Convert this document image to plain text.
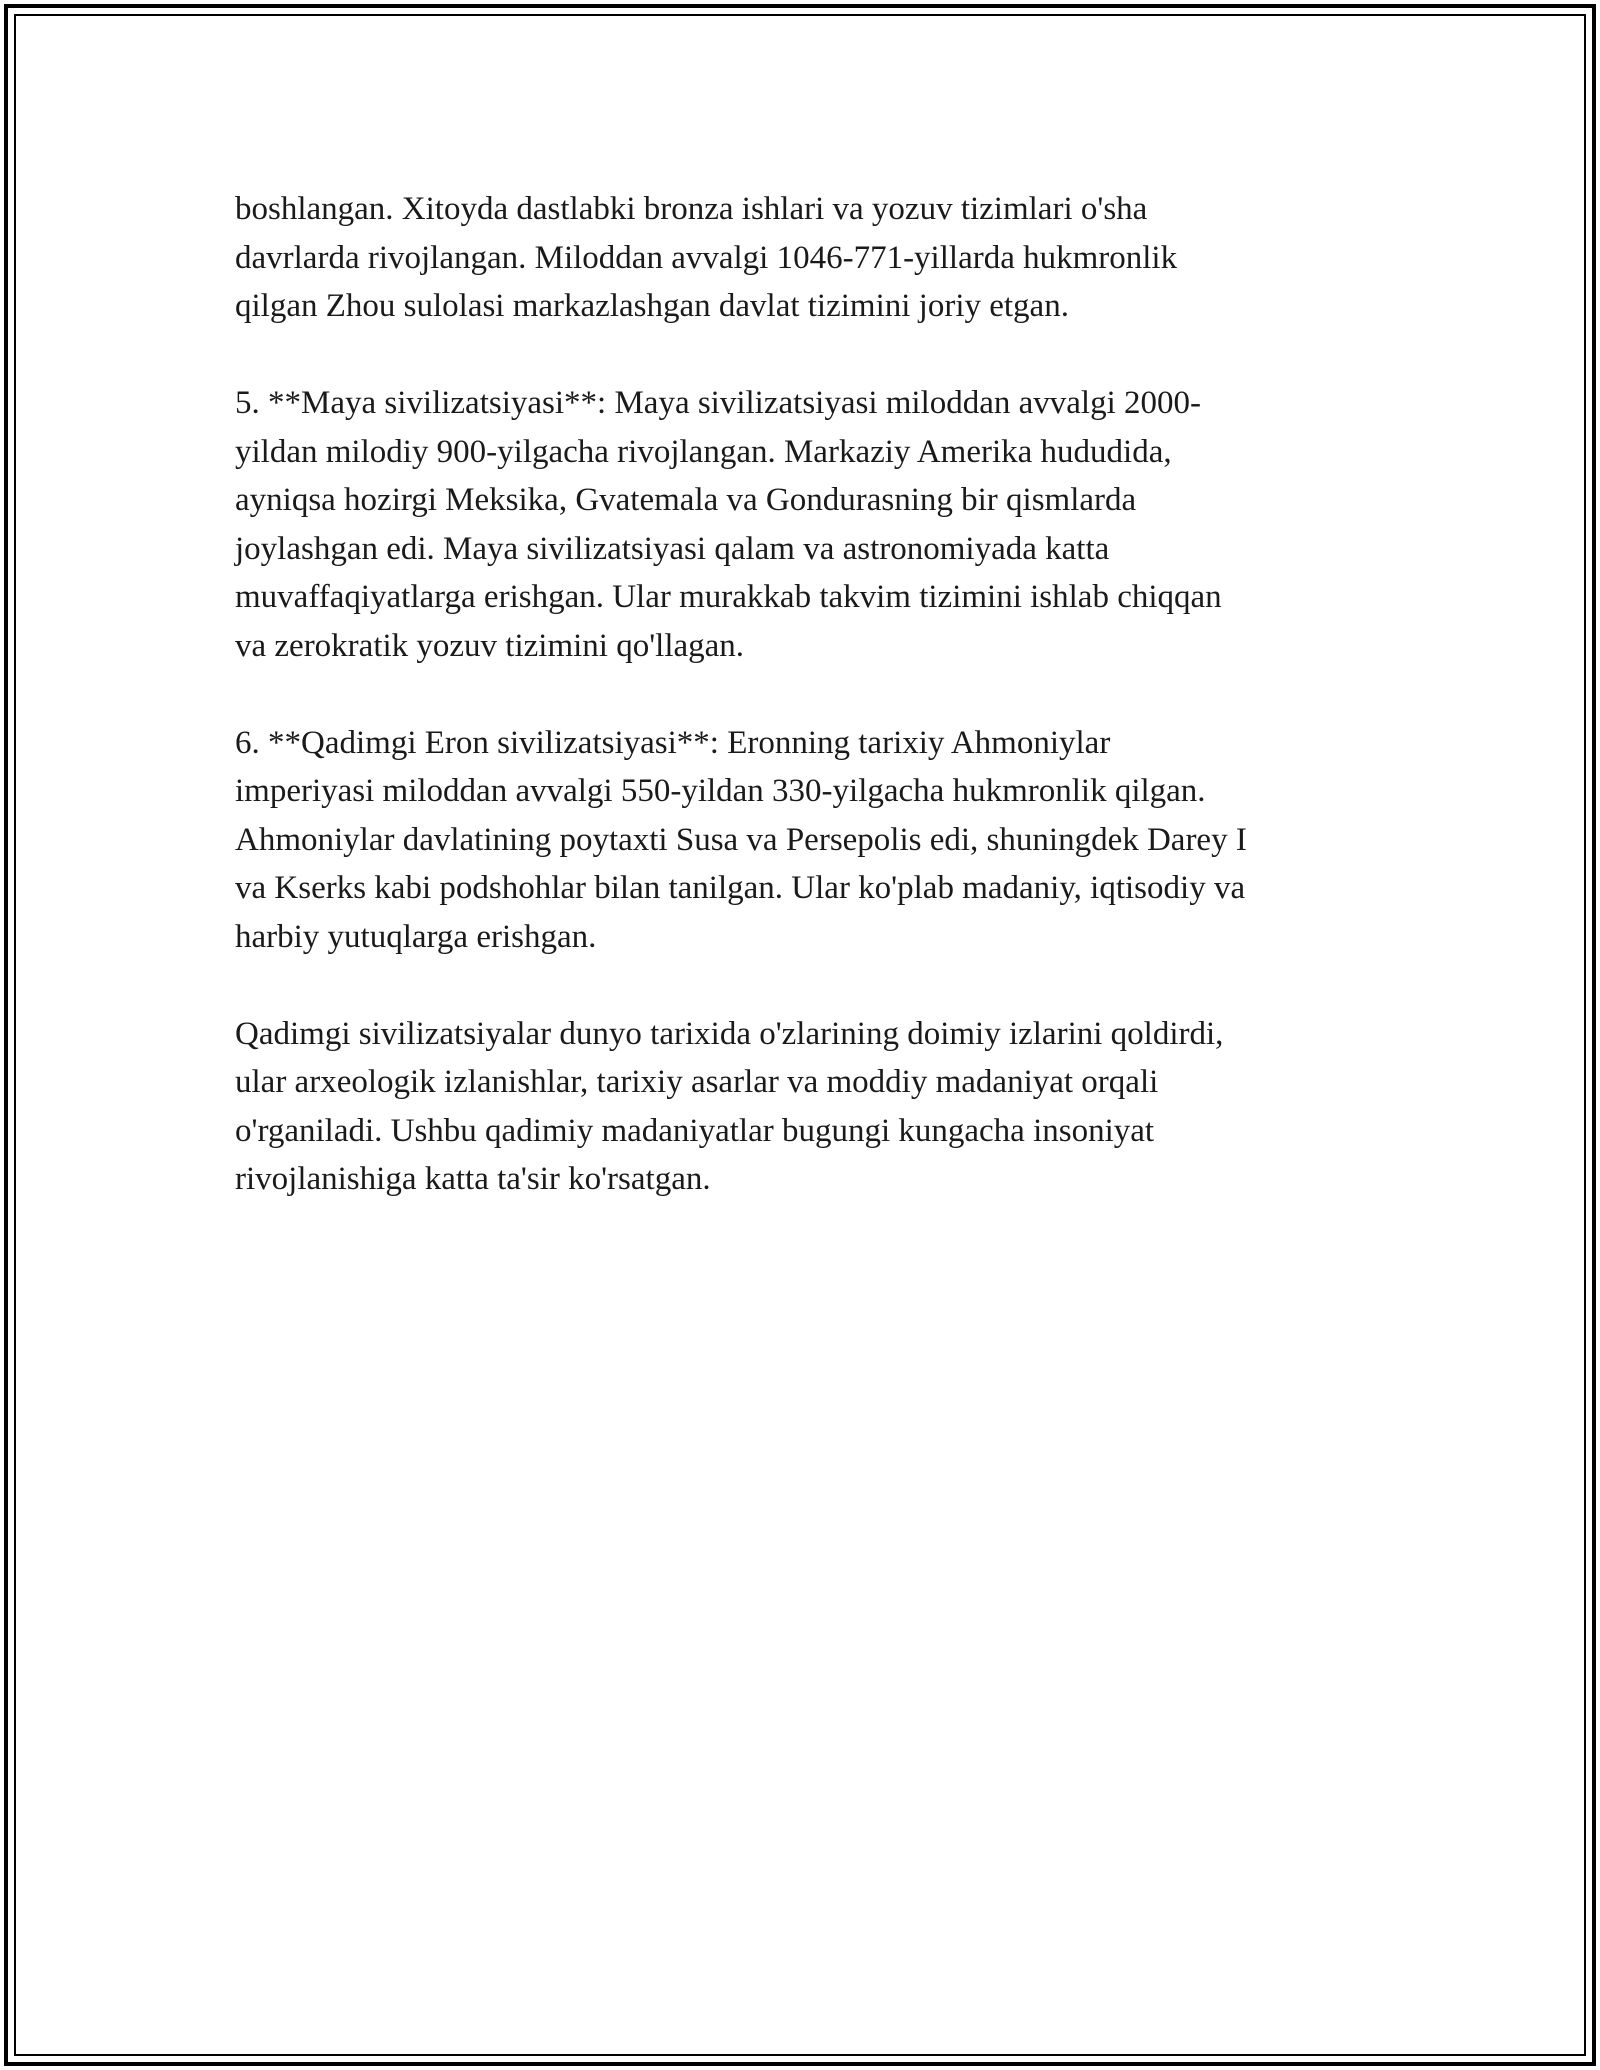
boshlangan. Xitoyda dastlabki bronza ishlari va yozuv tizimlari o'sha
davrlarda rivojlangan. Miloddan avvalgi 1046-771-yillarda hukmronlik
qilgan Zhou sulolasi markazlashgan davlat tizimini joriy etgan.

5. **Maya sivilizatsiyasi**: Maya sivilizatsiyasi miloddan avvalgi 2000-
yildan milodiy 900-yilgacha rivojlangan. Markaziy Amerika hududida,
ayniqsa hozirgi Meksika, Gvatemala va Gondurasning bir qismlarda
joylashgan edi. Maya sivilizatsiyasi qalam va astronomiyada katta
muvaffaqiyatlarga erishgan. Ular murakkab takvim tizimini ishlab chiqqan
va zerokratik yozuv tizimini qo'llagan.

6. **Qadimgi Eron sivilizatsiyasi**: Eronning tarixiy Ahmoniylar
imperiyasi miloddan avvalgi 550-yildan 330-yilgacha hukmronlik qilgan.
Ahmoniylar davlatining poytaxti Susa va Persepolis edi, shuningdek Darey I
va Kserks kabi podshohlar bilan tanilgan. Ular ko'plab madaniy, iqtisodiy va
harbiy yutuqlarga erishgan.

Qadimgi sivilizatsiyalar dunyo tarixida o'zlarining doimiy izlarini qoldirdi,
ular arxeologik izlanishlar, tarixiy asarlar va moddiy madaniyat orqali
o'rganiladi. Ushbu qadimiy madaniyatlar bugungi kungacha insoniyat
rivojlanishiga katta ta'sir ko'rsatgan.
